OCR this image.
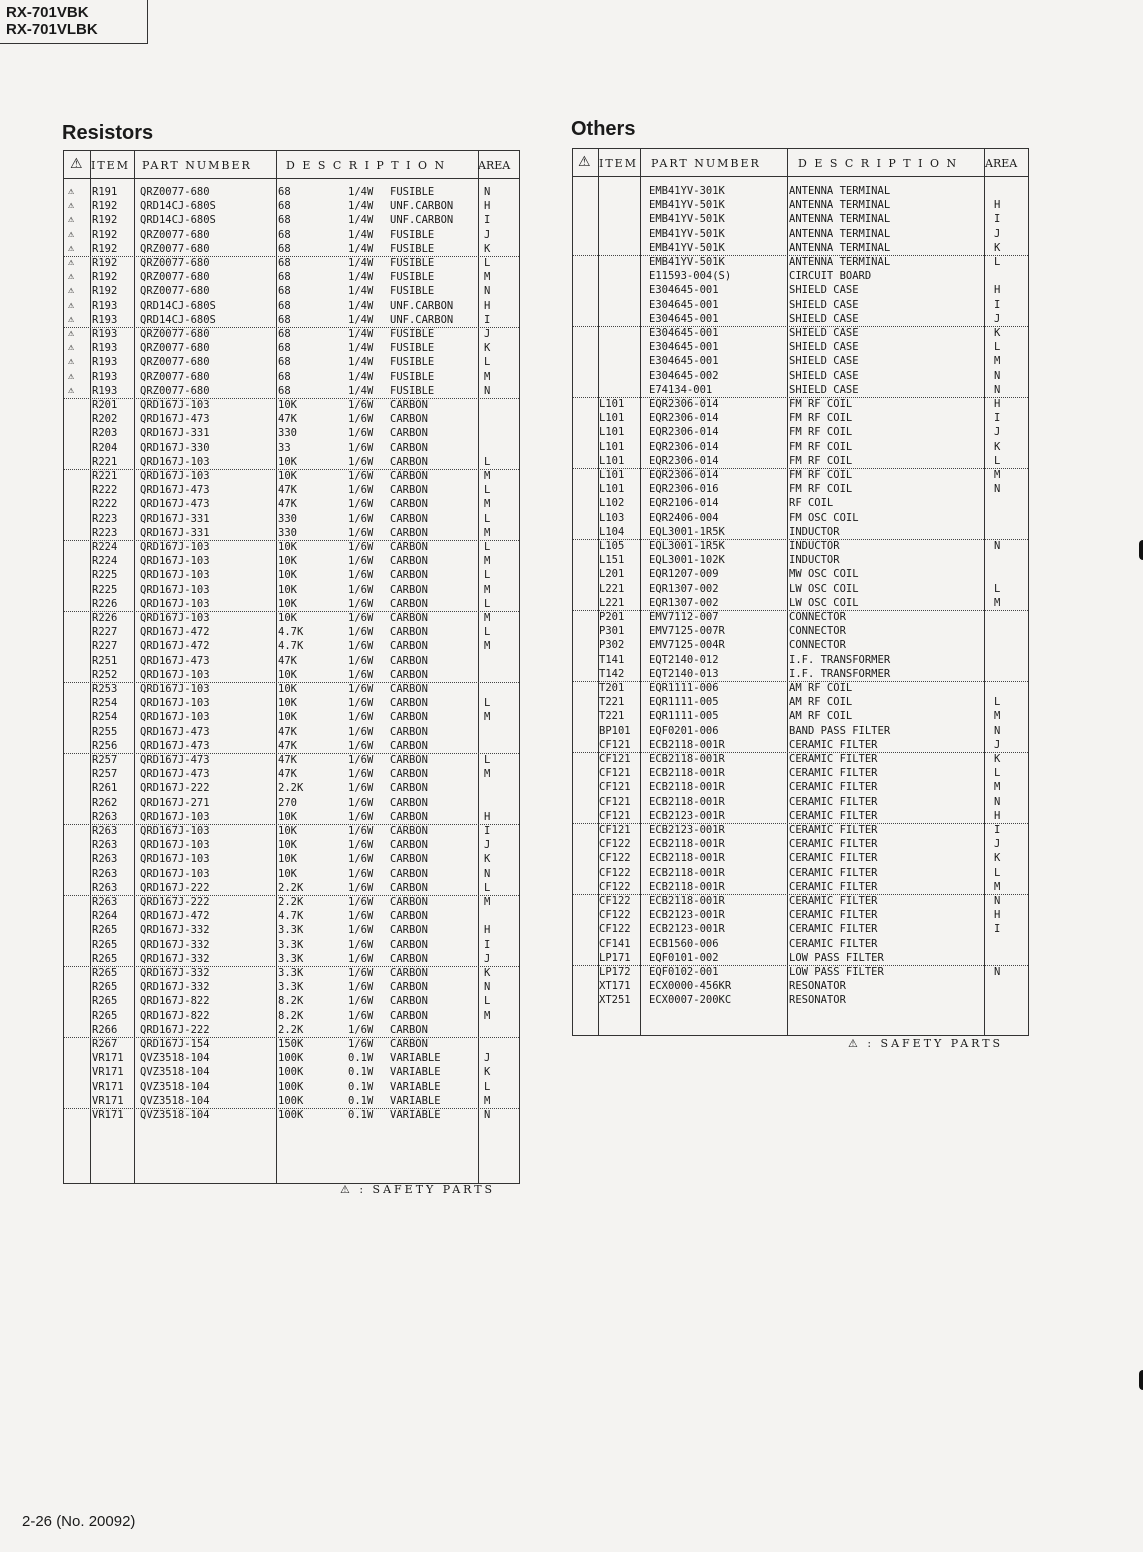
RX-701VBK
RX-701VLBK
Resistors
⚠ ITEM PART NUMBER	D E S C R I P T I O N	AREA
⚠ R191 QRZ0077-680	68	1/4W FUSIBLE	N
⚠ R192 QRD14CJ-680S	68	1/4W UNF.CARBON	H
⚠ R192 QRD14CJ-680S	68	1/4W UNF.CARBON	I
⚠ R192 QRZ0077-680	68	1/4W FUSIBLE	J
⚠ R192 QRZ0077-680	68	1/4W FUSIBLE	K
⚠ R192 QRZ0077-680	68	1/4W FUSIBLE	L
⚠ R192 QRZ0077-680	68	1/4W FUSIBLE	M
⚠ R192 QRZ0077-680	68	1/4W FUSIBLE	N
⚠ R193 QRD14CJ-680S	68	1/4W UNF.CARBON	H
⚠ R193 QRD14CJ-680S	68	1/4W UNF.CARBON	I
⚠ R193 QRZ0077-680	68	1/4W FUSIBLE	J
⚠ R193 QRZ0077-680	68	1/4W FUSIBLE	K
⚠ R193 QRZ0077-680	68	1/4W FUSIBLE	L
⚠ R193 QRZ0077-680	68	1/4W FUSIBLE	M
⚠ R193 QRZ0077-680	68	1/4W FUSIBLE	N
R201 QRD167J-103	10K	1/6W CARBON
R202 QRD167J-473	47K	1/6W CARBON
R203 QRD167J-331	330	1/6W CARBON
R204 QRD167J-330	33	1/6W CARBON
R221 QRD167J-103	10K	1/6W CARBON	L
R221 QRD167J-103	10K	1/6W CARBON	M
R222 QRD167J-473	47K	1/6W CARBON	L
R222 QRD167J-473	47K	1/6W CARBON	M
R223 QRD167J-331	330	1/6W CARBON	L
R223 QRD167J-331	330	1/6W CARBON	M
R224 QRD167J-103	10K	1/6W CARBON	L
R224 QRD167J-103	10K	1/6W CARBON	M
R225 QRD167J-103	10K	1/6W CARBON	L
R225 QRD167J-103	10K	1/6W CARBON	M
R226 QRD167J-103	10K	1/6W CARBON	L
R226 QRD167J-103	10K	1/6W CARBON	M
R227 QRD167J-472	4.7K	1/6W CARBON	L
R227 QRD167J-472	4.7K	1/6W CARBON	M
R251 QRD167J-473	47K	1/6W CARBON
R252 QRD167J-103	10K	1/6W CARBON
R253 QRD167J-103	10K	1/6W CARBON
R254 QRD167J-103	10K	1/6W CARBON	L
R254 QRD167J-103	10K	1/6W CARBON	M
R255 QRD167J-473	47K	1/6W CARBON
R256 QRD167J-473	47K	1/6W CARBON
R257 QRD167J-473	47K	1/6W CARBON	L
R257 QRD167J-473	47K	1/6W CARBON	M
R261 QRD167J-222	2.2K	1/6W CARBON
R262 QRD167J-271	270	1/6W CARBON
R263 QRD167J-103	10K	1/6W CARBON	H
R263 QRD167J-103	10K	1/6W CARBON	I
R263 QRD167J-103	10K	1/6W CARBON	J
R263 QRD167J-103	10K	1/6W CARBON	K
R263 QRD167J-103	10K	1/6W CARBON	N
R263 QRD167J-222	2.2K	1/6W CARBON	L
R263 QRD167J-222	2.2K	1/6W CARBON	M
R264 QRD167J-472	4.7K	1/6W CARBON
R265 QRD167J-332	3.3K	1/6W CARBON	H
R265 QRD167J-332	3.3K	1/6W CARBON	I
R265 QRD167J-332	3.3K	1/6W CARBON	J
R265 QRD167J-332	3.3K	1/6W CARBON	K
R265 QRD167J-332	3.3K	1/6W CARBON	N
R265 QRD167J-822	8.2K	1/6W CARBON	L
R265 QRD167J-822	8.2K	1/6W CARBON	M
R266 QRD167J-222	2.2K	1/6W CARBON
R267 QRD167J-154	150K	1/6W CARBON
VR171 QVZ3518-104	100K	0.1W VARIABLE	J
VR171 QVZ3518-104	100K	0.1W VARIABLE	K
VR171 QVZ3518-104	100K	0.1W VARIABLE	L
VR171 QVZ3518-104	100K	0.1W VARIABLE	M
VR171 QVZ3518-104	100K	0.1W VARIABLE	N
⚠ : SAFETY PARTS
Others
⚠ ITEM PART NUMBER	D E S C R I P T I O N AREA
EMB41YV-301K	ANTENNA TERMINAL
EMB41YV-501K	ANTENNA TERMINAL	H
EMB41YV-501K	ANTENNA TERMINAL	I
EMB41YV-501K	ANTENNA TERMINAL	J
EMB41YV-501K	ANTENNA TERMINAL	K
EMB41YV-501K	ANTENNA TERMINAL	L
E11593-004(S)	CIRCUIT BOARD
E304645-001	SHIELD CASE	H
E304645-001	SHIELD CASE	I
E304645-001	SHIELD CASE	J
E304645-001	SHIELD CASE	K
E304645-001	SHIELD CASE	L
E304645-001	SHIELD CASE	M
E304645-002	SHIELD CASE	N
E74134-001	SHIELD CASE	N
L101 EQR2306-014	FM RF COIL	H
L101 EQR2306-014	FM RF COIL	I
L101 EQR2306-014	FM RF COIL	J
L101 EQR2306-014	FM RF COIL	K
L101 EQR2306-014	FM RF COIL	L
L101 EQR2306-014	FM RF COIL	M
L101 EQR2306-016	FM RF COIL	N
L102 EQR2106-014	RF COIL
L103 EQR2406-004	FM OSC COIL
L104 EQL3001-1R5K	INDUCTOR
L105 EQL3001-1R5K	INDUCTOR	N
L151 EQL3001-102K	INDUCTOR
L201 EQR1207-009	MW OSC COIL
L221 EQR1307-002	LW OSC COIL	L
L221 EQR1307-002	LW OSC COIL	M
P201 EMV7112-007	CONNECTOR
P301 EMV7125-007R	CONNECTOR
P302 EMV7125-004R	CONNECTOR
T141 EQT2140-012	I.F. TRANSFORMER
T142 EQT2140-013	I.F. TRANSFORMER
T201 EQR1111-006	AM RF COIL
T221 EQR1111-005	AM RF COIL	L
T221 EQR1111-005	AM RF COIL	M
BP101 EQF0201-006	BAND PASS FILTER	N
CF121 ECB2118-001R	CERAMIC FILTER	J
CF121 ECB2118-001R	CERAMIC FILTER	K
CF121 ECB2118-001R	CERAMIC FILTER	L
CF121 ECB2118-001R	CERAMIC FILTER	M
CF121 ECB2118-001R	CERAMIC FILTER	N
CF121 ECB2123-001R	CERAMIC FILTER	H
CF121 ECB2123-001R	CERAMIC FILTER	I
CF122 ECB2118-001R	CERAMIC FILTER	J
CF122 ECB2118-001R	CERAMIC FILTER	K
CF122 ECB2118-001R	CERAMIC FILTER	L
CF122 ECB2118-001R	CERAMIC FILTER	M
CF122 ECB2118-001R	CERAMIC FILTER	N
CF122 ECB2123-001R	CERAMIC FILTER	H
CF122 ECB2123-001R	CERAMIC FILTER	I
CF141 ECB1560-006	CERAMIC FILTER
LP171 EQF0101-002	LOW PASS FILTER
LP172 EQF0102-001	LOW PASS FILTER	N
XT171 ECX0000-456KR	RESONATOR
XT251 ECX0007-200KC	RESONATOR
⚠ : SAFETY PARTS
2-26 (No. 20092)
